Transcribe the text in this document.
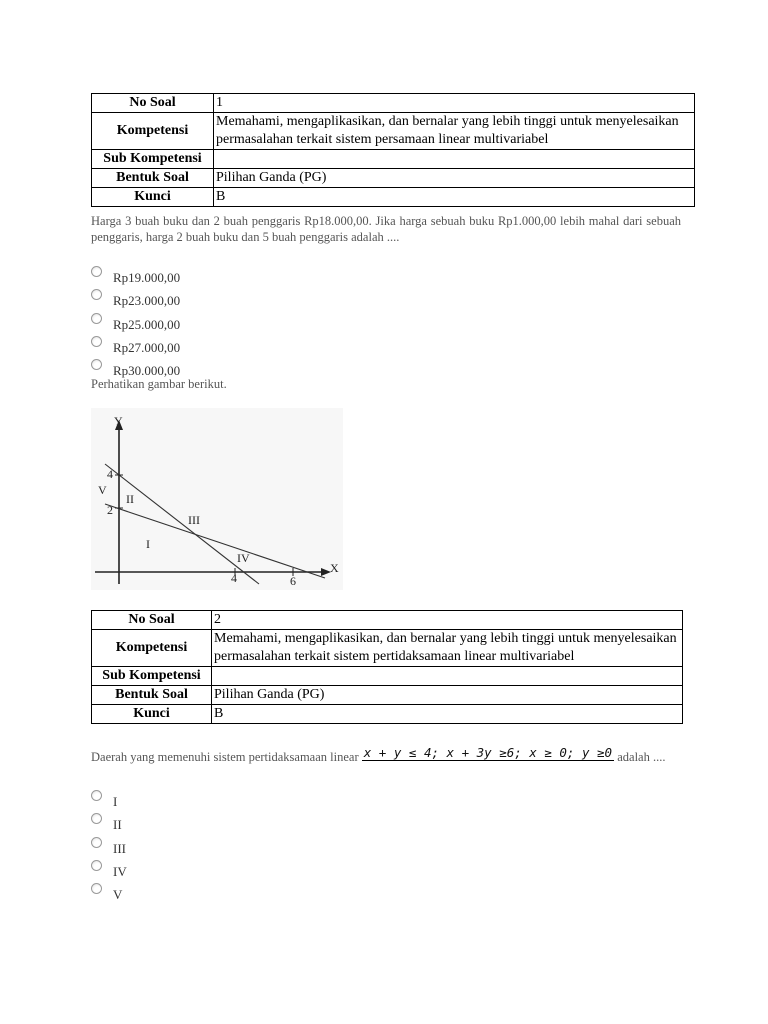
No Soal	1
Kompetensi	Memahami, mengaplikasikan, dan bernalar yang lebih tinggi untuk menyelesaikan permasalahan terkait sistem persamaan linear multivariabel
Sub Kompetensi	
Bentuk Soal	Pilihan Ganda (PG)
Kunci	B
Harga 3 buah buku dan 2 buah penggaris Rp18.000,00. Jika harga sebuah buku Rp1.000,00 lebih mahal dari sebuah penggaris, harga 2 buah buku dan 5 buah penggaris adalah ....
Rp19.000,00
Rp23.000,00
Rp25.000,00
Rp27.000,00
Rp30.000,00
Perhatikan gambar berikut.
Y
X
4
2
4	6
V
II
III
I
IV
No Soal	2
Kompetensi	Memahami, mengaplikasikan, dan bernalar yang lebih tinggi untuk menyelesaikan permasalahan terkait sistem pertidaksamaan linear multivariabel
Sub Kompetensi	
Bentuk Soal	Pilihan Ganda (PG)
Kunci	B
Daerah yang memenuhi sistem pertidaksamaan linear x + y ≤ 4; x + 3y ≥6; x ≥ 0; y ≥0 adalah ....
I
II
III
IV
V
